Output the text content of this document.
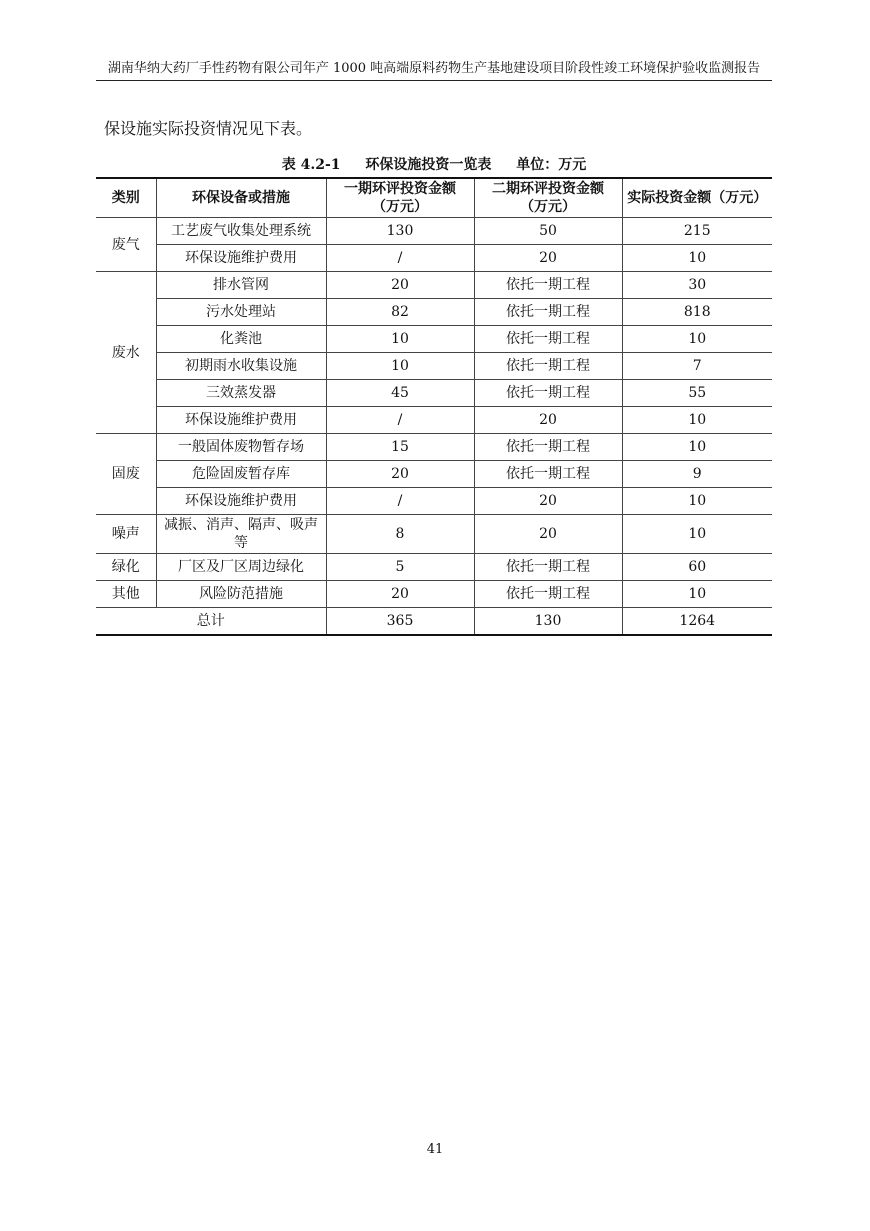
湖南华纳大药厂手性药物有限公司年产 1000 吨高端原料药物生产基地建设项目阶段性竣工环境保护验收监测报告
保设施实际投资情况见下表。
表 4.2-1 环保设施投资一览表 单位：万元
类别	环保设备或措施	一期环评投资金额（万元）	二期环评投资金额（万元）	实际投资金额（万元）
废气	工艺废气收集处理系统	130	50	215
	环保设施维护费用	/	20	10
废水	排水管网	20	依托一期工程	30
	污水处理站	82	依托一期工程	818
	化粪池	10	依托一期工程	10
	初期雨水收集设施	10	依托一期工程	7
	三效蒸发器	45	依托一期工程	55
	环保设施维护费用	/	20	10
固废	一般固体废物暂存场	15	依托一期工程	10
	危险固废暂存库	20	依托一期工程	9
	环保设施维护费用	/	20	10
噪声	减振、消声、隔声、吸声等	8	20	10
绿化	厂区及厂区周边绿化	5	依托一期工程	60
其他	风险防范措施	20	依托一期工程	10
总计		365	130	1264
41
